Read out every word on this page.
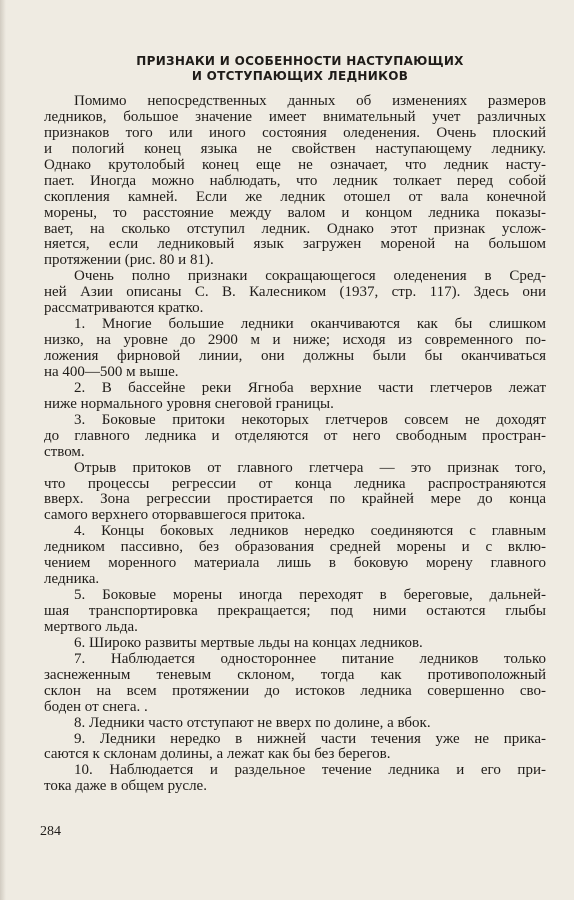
ПРИЗНАКИ И ОСОБЕННОСТИ НАСТУПАЮЩИХ
И ОТСТУПАЮЩИХ ЛЕДНИКОВ
Помимо непосредственных данных об изменениях размеров
ледников, большое значение имеет внимательный учет различных
признаков того или иного состояния оледенения. Очень плоский
и пологий конец языка не свойствен наступающему леднику.
Однако крутолобый конец еще не означает, что ледник насту-
пает. Иногда можно наблюдать, что ледник толкает перед собой
скопления камней. Если же ледник отошел от вала конечной
морены, то расстояние между валом и концом ледника показы-
вает, на сколько отступил ледник. Однако этот признак услож-
няется, если ледниковый язык загружен мореной на большом
протяжении (рис. 80 и 81).
Очень полно признаки сокращающегося оледенения в Сред-
ней Азии описаны С. В. Калесником (1937, стр. 117). Здесь они
рассматриваются кратко.
1. Многие большие ледники оканчиваются как бы слишком
низко, на уровне до 2900 м и ниже; исходя из современного по-
ложения фирновой линии, они должны были бы оканчиваться
на 400—500 м выше.
2. В бассейне реки Ягноба верхние части глетчеров лежат
ниже нормального уровня снеговой границы.
3. Боковые притоки некоторых глетчеров совсем не доходят
до главного ледника и отделяются от него свободным простран-
ством.
Отрыв притоков от главного глетчера — это признак того,
что процессы регрессии от конца ледника распространяются
вверх. Зона регрессии простирается по крайней мере до конца
самого верхнего оторвавшегося притока.
4. Концы боковых ледников нередко соединяются с главным
ледником пассивно, без образования средней морены и с вклю-
чением моренного материала лишь в боковую морену главного
ледника.
5. Боковые морены иногда переходят в береговые, дальней-
шая транспортировка прекращается; под ними остаются глыбы
мертвого льда.
6. Широко развиты мертвые льды на концах ледников.
7. Наблюдается одностороннее питание ледников только
заснеженным теневым склоном, тогда как противоположный
склон на всем протяжении до истоков ледника совершенно сво-
боден от снега. .
8. Ледники часто отступают не вверх по долине, а вбок.
9. Ледники нередко в нижней части течения уже не прика-
саются к склонам долины, а лежат как бы без берегов.
10. Наблюдается и раздельное течение ледника и его при-
тока даже в общем русле.
284
